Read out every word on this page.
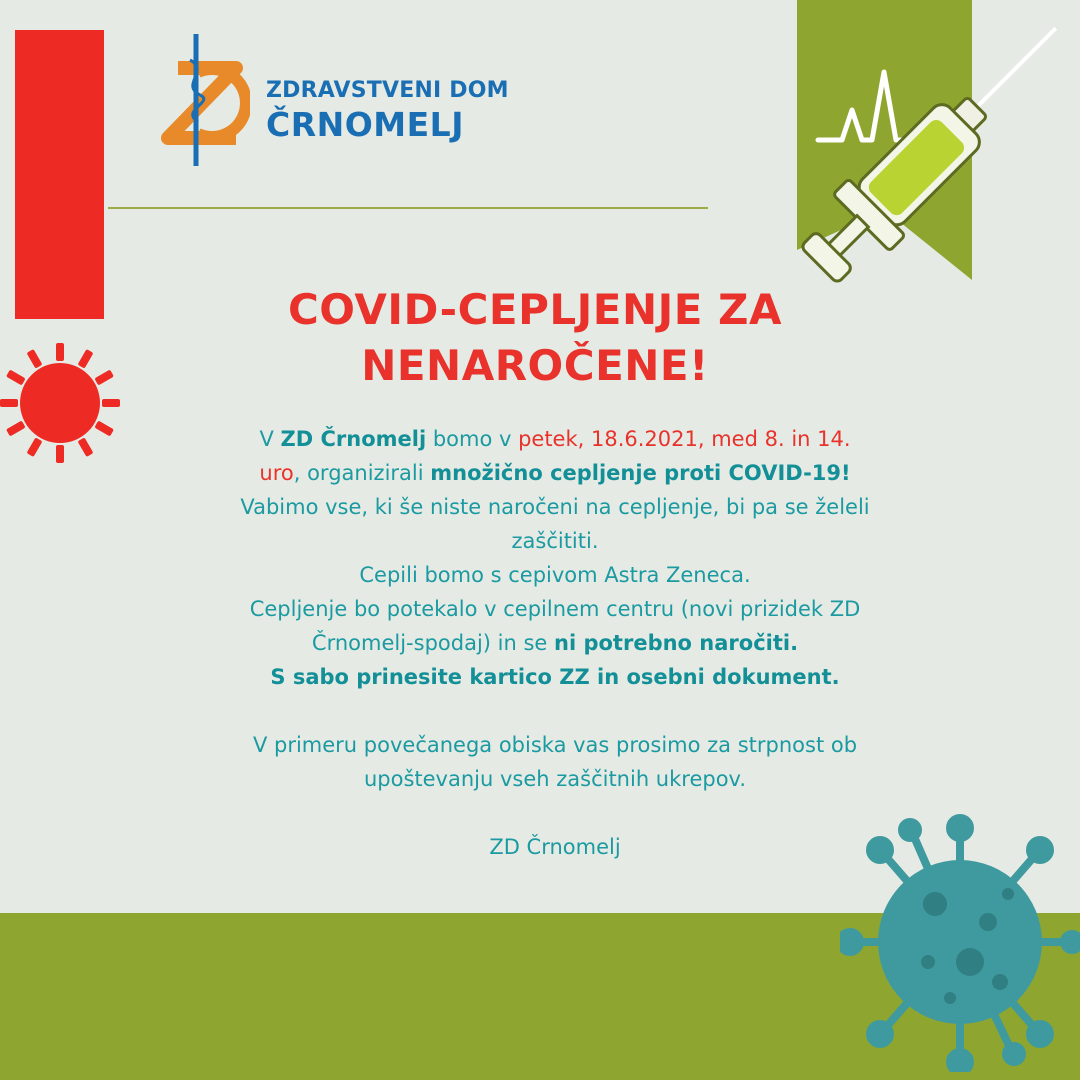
ZDRAVSTVENI DOM
ČRNOMELJ
COVID-CEPLJENJE ZA
NENAROČENE!
V ZD Črnomelj bomo v petek, 18.6.2021, med 8. in 14.
uro, organizirali množično cepljenje proti COVID-19!
Vabimo vse, ki še niste naročeni na cepljenje, bi pa se želeli
zaščititi.
Cepili bomo s cepivom Astra Zeneca.
Cepljenje bo potekalo v cepilnem centru (novi prizidek ZD
Črnomelj-spodaj) in se ni potrebno naročiti.
S sabo prinesite kartico ZZ in osebni dokument.
V primeru povečanega obiska vas prosimo za strpnost ob
upoštevanju vseh zaščitnih ukrepov.
ZD Črnomelj
